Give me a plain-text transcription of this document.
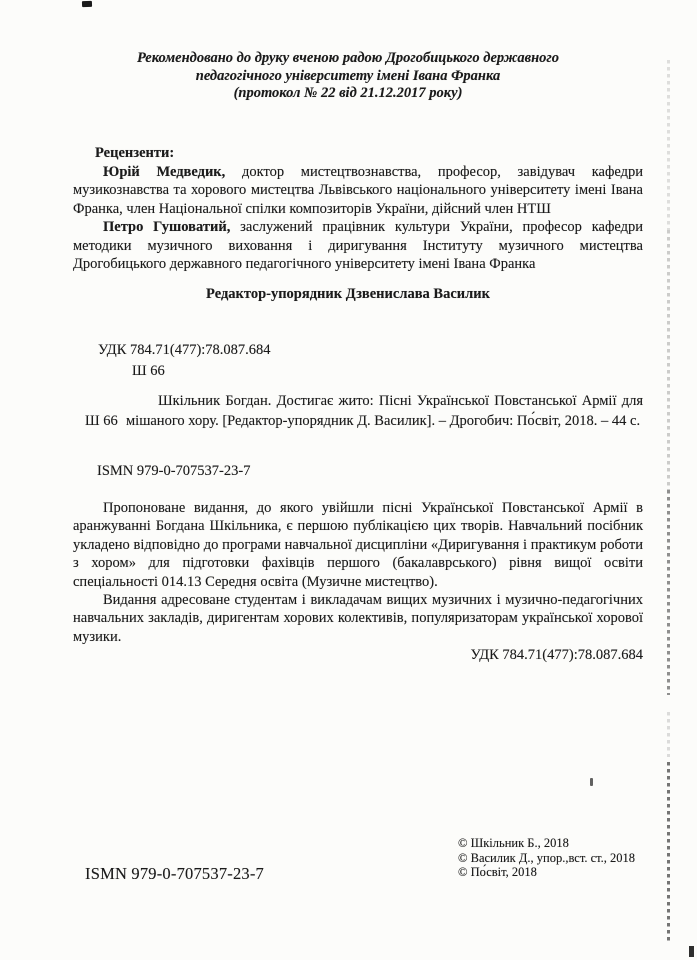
Рекомендовано до друку вченою радою Дрогобицького державного
педагогічного університету імені Івана Франка
(протокол № 22 від 21.12.2017 року)
Рецензенти:

Юрій Медведик, доктор мистецтвознавства, професор, завідувач кафедри музикознавства та хорового мистецтва Львівського національного університету імені Івана Франка, член Національної спілки композиторів України, дійсний член НТШ

Петро Гушоватий, заслужений працівник культури України, професор кафедри методики музичного виховання і диригування Інституту музичного мистецтва Дрогобицького державного педагогічного університету імені Івана Франка

Редактор-упорядник Дзвенислава Василик
УДК 784.71(477):78.087.684
Ш 66
Ш 66

Шкільник Богдан. Достигає жито: Пісні Української Повстанської Армії для мішаного хору. [Редактор-упорядник Д. Василик]. – Дрогобич: По́світ, 2018. – 44 с.

ISMN 979-0-707537-23-7

Пропоноване видання, до якого увійшли пісні Української Повстанської Армії в аранжуванні Богдана Шкільника, є першою публікацією цих творів. Навчальний посібник укладено відповідно до програми навчальної дисципліни «Диригування і практикум роботи з хором» для підготовки фахівців першого (бакалаврського) рівня вищої освіти спеціальності 014.13 Середня освіта (Музичне мистецтво).

Видання адресоване студентам і викладачам вищих музичних і музично-педагогічних навчальних закладів, диригентам хорових колективів, популяризаторам української хорової музики.

УДК 784.71(477):78.087.684
© Шкільник Б., 2018
© Василик Д., упор.,вст. ст., 2018
© По́світ, 2018
ISMN 979-0-707537-23-7
